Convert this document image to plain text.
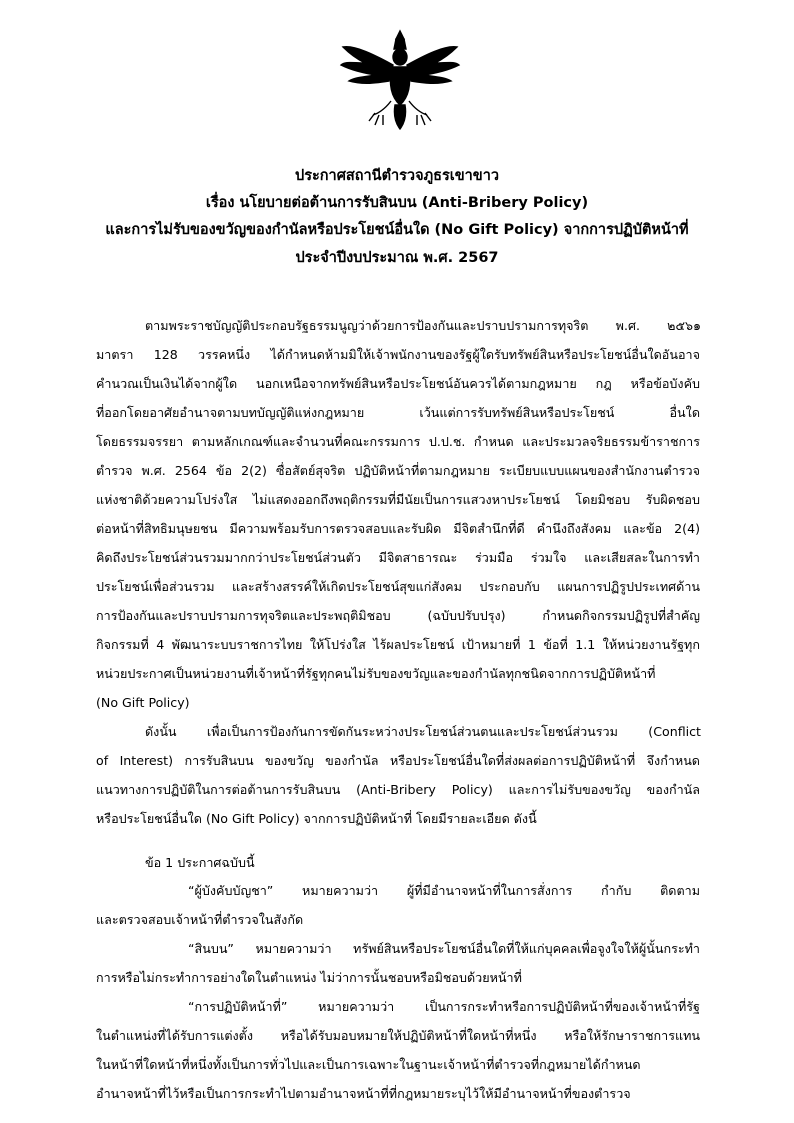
ประกาศสถานีตำรวจภูธรเขาขาว
เรื่อง นโยบายต่อต้านการรับสินบน (Anti-Bribery Policy)
และการไม่รับของขวัญของกำนัลหรือประโยชน์อื่นใด (No Gift Policy) จากการปฏิบัติหน้าที่
ประจำปีงบประมาณ พ.ศ. 2567
ตามพระราชบัญญัติประกอบรัฐธรรมนูญว่าด้วยการป้องกันและปราบปรามการทุจริต พ.ศ. ๒๕๖๑
มาตรา 128 วรรคหนึ่ง ได้กำหนดห้ามมิให้เจ้าพนักงานของรัฐผู้ใดรับทรัพย์สินหรือประโยชน์อื่นใดอันอาจ
คำนวณเป็นเงินได้จากผู้ใด นอกเหนือจากทรัพย์สินหรือประโยชน์อันควรได้ตามกฎหมาย กฎ หรือข้อบังคับ
ที่ออกโดยอาศัยอำนาจตามบทบัญญัติแห่งกฎหมาย เว้นแต่การรับทรัพย์สินหรือประโยชน์ อื่นใด
โดยธรรมจรรยา ตามหลักเกณฑ์และจำนวนที่คณะกรรมการ ป.ป.ช. กำหนด และประมวลจริยธรรมข้าราชการ
ตำรวจ พ.ศ. 2564 ข้อ 2(2) ซื่อสัตย์สุจริต ปฏิบัติหน้าที่ตามกฎหมาย ระเบียบแบบแผนของสำนักงานตำรวจ
แห่งชาติด้วยความโปร่งใส ไม่แสดงออกถึงพฤติกรรมที่มีนัยเป็นการแสวงหาประโยชน์ โดยมิชอบ รับผิดชอบ
ต่อหน้าที่สิทธิมนุษยชน มีความพร้อมรับการตรวจสอบและรับผิด มีจิตสำนึกที่ดี คำนึงถึงสังคม และข้อ 2(4)
คิดถึงประโยชน์ส่วนรวมมากกว่าประโยชน์ส่วนตัว มีจิตสาธารณะ ร่วมมือ ร่วมใจ และเสียสละในการทำ
ประโยชน์เพื่อส่วนรวม และสร้างสรรค์ให้เกิดประโยชน์สุขแก่สังคม ประกอบกับ แผนการปฏิรูปประเทศด้าน
การป้องกันและปราบปรามการทุจริตและประพฤติมิชอบ (ฉบับปรับปรุง) กำหนดกิจกรรมปฏิรูปที่สำคัญ
กิจกรรมที่ 4 พัฒนาระบบราชการไทย ให้โปร่งใส ไร้ผลประโยชน์ เป้าหมายที่ 1 ข้อที่ 1.1 ให้หน่วยงานรัฐทุก
หน่วยประกาศเป็นหน่วยงานที่เจ้าหน้าที่รัฐทุกคนไม่รับของขวัญและของกำนัลทุกชนิดจากการปฏิบัติหน้าที่
(No Gift Policy)
ดังนั้น เพื่อเป็นการป้องกันการขัดกันระหว่างประโยชน์ส่วนตนและประโยชน์ส่วนรวม (Conflict
of Interest) การรับสินบน ของขวัญ ของกำนัล หรือประโยชน์อื่นใดที่ส่งผลต่อการปฏิบัติหน้าที่ จึงกำหนด
แนวทางการปฏิบัติในการต่อต้านการรับสินบน (Anti-Bribery Policy) และการไม่รับของขวัญ ของกำนัล
หรือประโยชน์อื่นใด (No Gift Policy) จากการปฏิบัติหน้าที่ โดยมีรายละเอียด ดังนี้
ข้อ 1 ประกาศฉบับนี้
“ผู้บังคับบัญชา” หมายความว่า ผู้ที่มีอำนาจหน้าที่ในการสั่งการ กำกับ ติดตาม
และตรวจสอบเจ้าหน้าที่ตำรวจในสังกัด
“สินบน” หมายความว่า ทรัพย์สินหรือประโยชน์อื่นใดที่ให้แก่บุคคลเพื่อจูงใจให้ผู้นั้นกระทำ
การหรือไม่กระทำการอย่างใดในตำแหน่ง ไม่ว่าการนั้นชอบหรือมิชอบด้วยหน้าที่
“การปฏิบัติหน้าที่” หมายความว่า เป็นการกระทำหรือการปฏิบัติหน้าที่ของเจ้าหน้าที่รัฐ
ในตำแหน่งที่ได้รับการแต่งตั้ง หรือได้รับมอบหมายให้ปฏิบัติหน้าที่ใดหน้าที่หนึ่ง หรือให้รักษาราชการแทน
ในหน้าที่ใดหน้าที่หนึ่งทั้งเป็นการทั่วไปและเป็นการเฉพาะในฐานะเจ้าหน้าที่ตำรวจที่กฎหมายได้กำหนด
อำนาจหน้าที่ไว้หรือเป็นการกระทำไปตามอำนาจหน้าที่ที่กฎหมายระบุไว้ให้มีอำนาจหน้าที่ของตำรวจ
